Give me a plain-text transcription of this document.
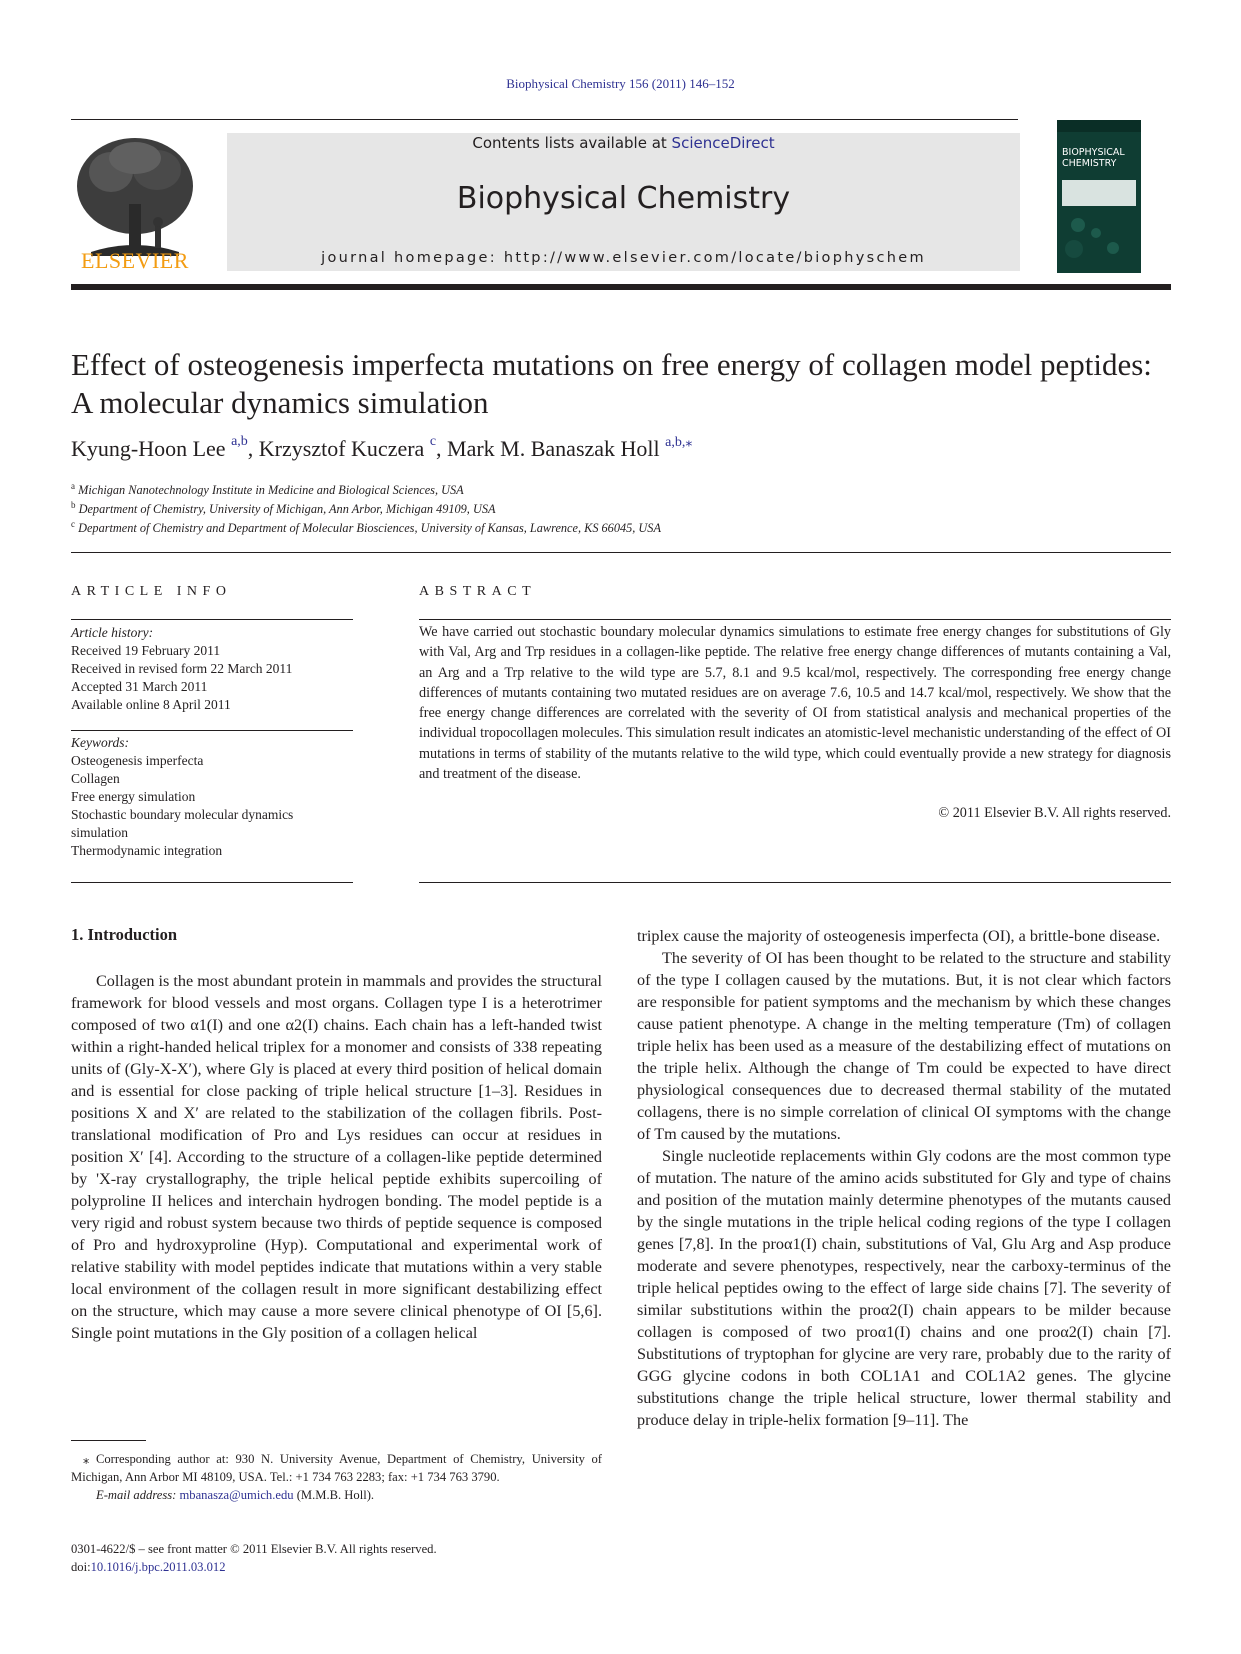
Biophysical Chemistry 156 (2011) 146–152
ELSEVIER
Contents lists available at ScienceDirect
Biophysical Chemistry
journal homepage: http://www.elsevier.com/locate/biophyschem
BIOPHYSICAL
CHEMISTRY
Effect of osteogenesis imperfecta mutations on free energy of collagen model peptides: A molecular dynamics simulation
Kyung-Hoon Lee $^{a,b}$, Krzysztof Kuczera $^c$, Mark M. Banaszak Holl $^{a,b,⁎}$
$^a$ Michigan Nanotechnology Institute in Medicine and Biological Sciences, USA
$^b$ Department of Chemistry, University of Michigan, Ann Arbor, Michigan 49109, USA
$^c$ Department of Chemistry and Department of Molecular Biosciences, University of Kansas, Lawrence, KS 66045, USA
ARTICLE INFO
Article history:
Received 19 February 2011
Received in revised form 22 March 2011
Accepted 31 March 2011
Available online 8 April 2011
Keywords:
Osteogenesis imperfecta
Collagen
Free energy simulation
Stochastic boundary molecular dynamics simulation
Thermodynamic integration
ABSTRACT
We have carried out stochastic boundary molecular dynamics simulations to estimate free energy changes for substitutions of Gly with Val, Arg and Trp residues in a collagen-like peptide. The relative free energy change differences of mutants containing a Val, an Arg and a Trp relative to the wild type are 5.7, 8.1 and 9.5 kcal/mol, respectively. The corresponding free energy change differences of mutants containing two mutated residues are on average 7.6, 10.5 and 14.7 kcal/mol, respectively. We show that the free energy change differences are correlated with the severity of OI from statistical analysis and mechanical properties of the individual tropocollagen molecules. This simulation result indicates an atomistic-level mechanistic understanding of the effect of OI mutations in terms of stability of the mutants relative to the wild type, which could eventually provide a new strategy for diagnosis and treatment of the disease.
© 2011 Elsevier B.V. All rights reserved.
1. Introduction

Collagen is the most abundant protein in mammals and provides the structural framework for blood vessels and most organs. Collagen type I is a heterotrimer composed of two α1(I) and one α2(I) chains. Each chain has a left-handed twist within a right-handed helical triplex for a monomer and consists of 338 repeating units of (Gly-X-X′), where Gly is placed at every third position of helical domain and is essential for close packing of triple helical structure [1–3]. Residues in positions X and X′ are related to the stabilization of the collagen fibrils. Post-translational modification of Pro and Lys residues can occur at residues in position X′ [4]. According to the structure of a collagen-like peptide determined by 'X-ray crystallography, the triple helical peptide exhibits supercoiling of polyproline II helices and interchain hydrogen bonding. The model peptide is a very rigid and robust system because two thirds of peptide sequence is composed of Pro and hydroxyproline (Hyp). Computational and experimental work of relative stability with model peptides indicate that mutations within a very stable local environment of the collagen result in more significant destabilizing effect on the structure, which may cause a more severe clinical phenotype of OI [5,6]. Single point mutations in the Gly position of a collagen helical

triplex cause the majority of osteogenesis imperfecta (OI), a brittle-bone disease.

The severity of OI has been thought to be related to the structure and stability of the type I collagen caused by the mutations. But, it is not clear which factors are responsible for patient symptoms and the mechanism by which these changes cause patient phenotype. A change in the melting temperature (Tm) of collagen triple helix has been used as a measure of the destabilizing effect of mutations on the triple helix. Although the change of Tm could be expected to have direct physiological consequences due to decreased thermal stability of the mutated collagens, there is no simple correlation of clinical OI symptoms with the change of Tm caused by the mutations.

Single nucleotide replacements within Gly codons are the most common type of mutation. The nature of the amino acids substituted for Gly and type of chains and position of the mutation mainly determine phenotypes of the mutants caused by the single mutations in the triple helical coding regions of the type I collagen genes [7,8]. In the proα1(I) chain, substitutions of Val, Glu Arg and Asp produce moderate and severe phenotypes, respectively, near the carboxy-terminus of the triple helical peptides owing to the effect of large side chains [7]. The severity of similar substitutions within the proα2(I) chain appears to be milder because collagen is composed of two proα1(I) chains and one proα2(I) chain [7]. Substitutions of tryptophan for glycine are very rare, probably due to the rarity of GGG glycine codons in both COL1A1 and COL1A2 genes. The glycine substitutions change the triple helical structure, lower thermal stability and produce delay in triple-helix formation [9–11]. The

⁎ Corresponding author at: 930 N. University Avenue, Department of Chemistry, University of Michigan, Ann Arbor MI 48109, USA. Tel.: +1 734 763 2283; fax: +1 734 763 3790.
E-mail address: mbanasza@umich.edu (M.M.B. Holl).
0301-4622/$ – see front matter © 2011 Elsevier B.V. All rights reserved.
doi:10.1016/j.bpc.2011.03.012
